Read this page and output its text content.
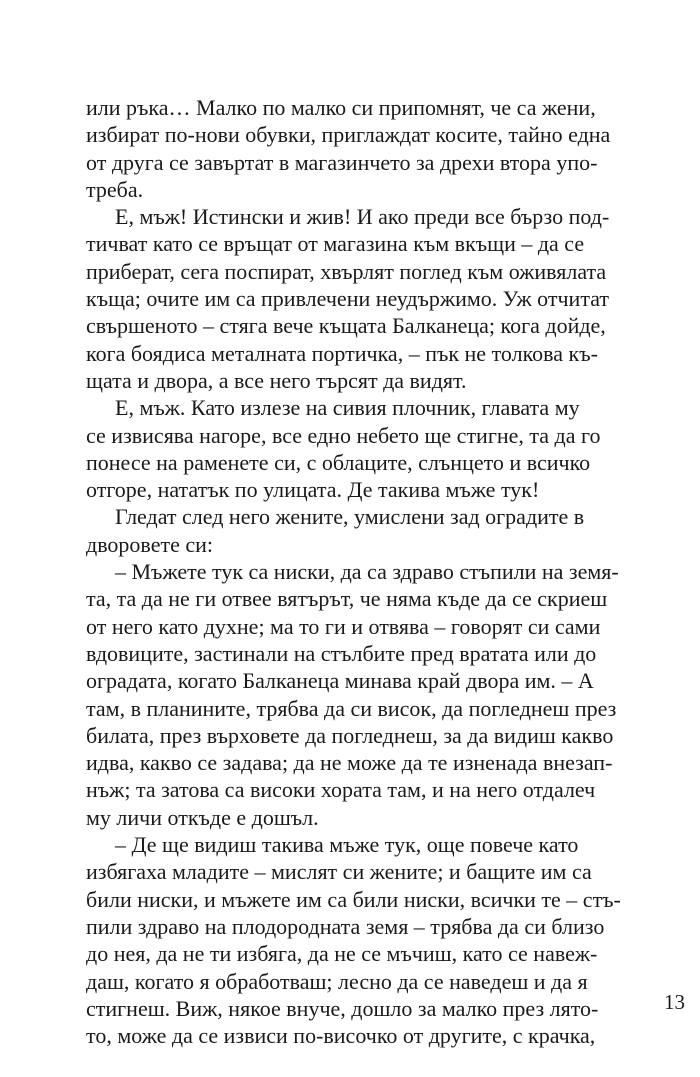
или ръка… Малко по малко си припомнят, че са жени,
избират по-нови обувки, приглаждат косите, тайно една
от друга се завъртат в магазинчето за дрехи втора упо-
треба.
Е, мъж! Истински и жив! И ако преди все бързо под-
тичват като се връщат от магазина към вкъщи – да се
приберат, сега поспират, хвърлят поглед към оживялата
къща; очите им са привлечени неудържимо. Уж отчитат
свършеното – стяга вече къщата Балканеца; кога дойде,
кога боядиса металната портичка, – пък не толкова къ-
щата и двора, а все него търсят да видят.
Е, мъж. Като излезе на сивия плочник, главата му
се извисява нагоре, все едно небето ще стигне, та да го
понесе на раменете си, с облаците, слънцето и всичко
отгоре, нататък по улицата. Де такива мъже тук!
Гледат след него жените, умислени зад оградите в
дворовете си:
– Мъжете тук са ниски, да са здраво стъпили на земя-
та, та да не ги отвее вятърът, че няма къде да се скриеш
от него като духне; ма то ги и отвява – говорят си сами
вдовиците, застинали на стълбите пред вратата или до
оградата, когато Балканеца минава край двора им. – А
там, в планините, трябва да си висок, да погледнеш през
билата, през върховете да погледнеш, за да видиш какво
идва, какво се задава; да не може да те изненада внезап-
нъж; та затова са високи хората там, и на него отдалеч
му личи откъде е дошъл.
– Де ще видиш такива мъже тук, още повече като
избягаха младите – мислят си жените; и бащите им са
били ниски, и мъжете им са били ниски, всички те – стъ-
пили здраво на плодородната земя – трябва да си близо
до нея, да не ти избяга, да не се мъчиш, като се навеж-
даш, когато я обработваш; лесно да се наведеш и да я
стигнеш. Виж, някое внуче, дошло за малко през лято-
то, може да се извиси по-височко от другите, с крачка,
13
